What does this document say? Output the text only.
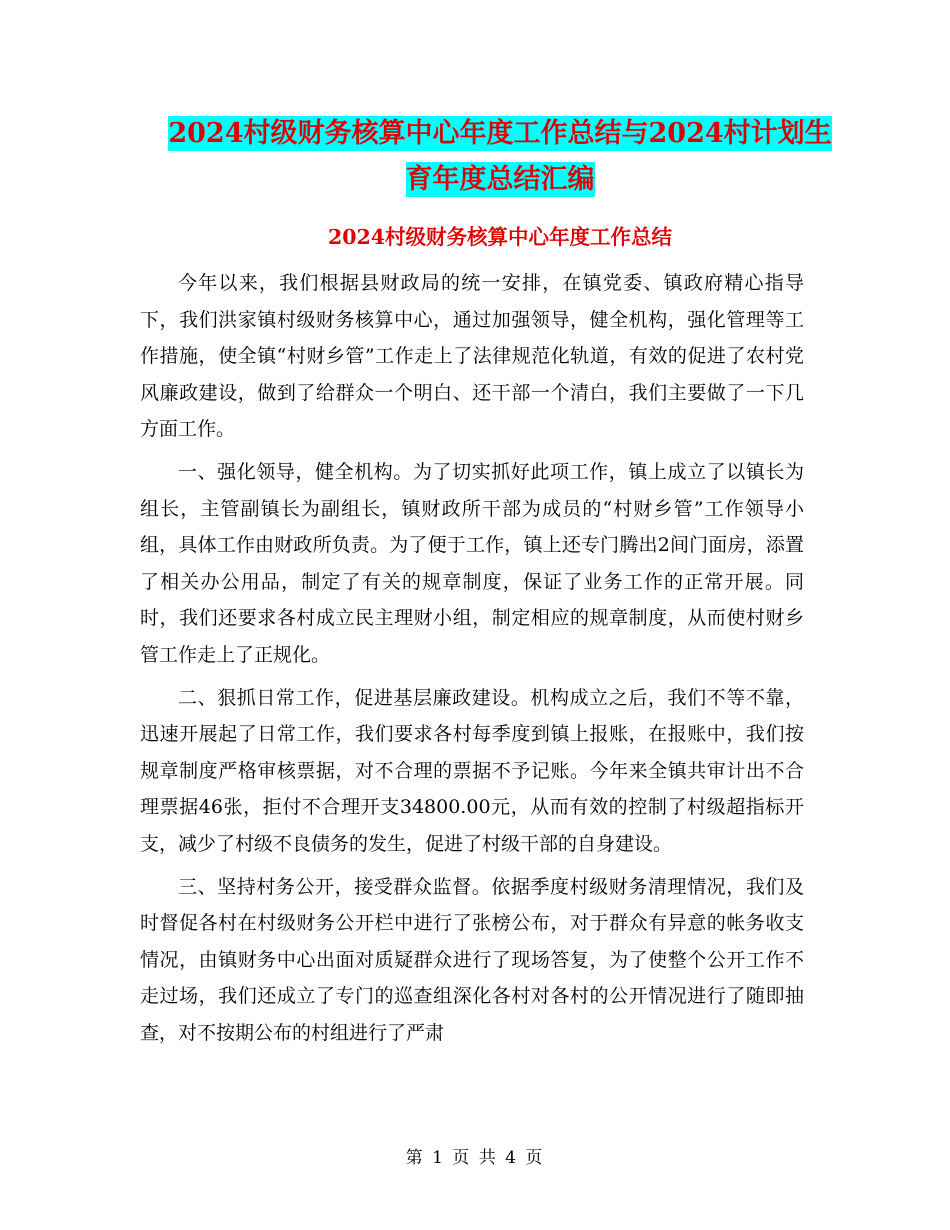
2024村级财务核算中心年度工作总结与2024村计划生
育年度总结汇编
2024村级财务核算中心年度工作总结

今年以来，我们根据县财政局的统一安排，在镇党委、镇政府精心指导下，我们洪家镇村级财务核算中心，通过加强领导，健全机构，强化管理等工作措施，使全镇“村财乡管”工作走上了法律规范化轨道，有效的促进了农村党风廉政建设，做到了给群众一个明白、还干部一个清白，我们主要做了一下几方面工作。

一、强化领导，健全机构。为了切实抓好此项工作，镇上成立了以镇长为组长，主管副镇长为副组长，镇财政所干部为成员的“村财乡管”工作领导小组，具体工作由财政所负责。为了便于工作，镇上还专门腾出2间门面房，添置了相关办公用品，制定了有关的规章制度，保证了业务工作的正常开展。同时，我们还要求各村成立民主理财小组，制定相应的规章制度，从而使村财乡管工作走上了正规化。

二、狠抓日常工作，促进基层廉政建设。机构成立之后，我们不等不靠，迅速开展起了日常工作，我们要求各村每季度到镇上报账，在报账中，我们按规章制度严格审核票据，对不合理的票据不予记账。今年来全镇共审计出不合理票据46张，拒付不合理开支34800.00元，从而有效的控制了村级超指标开支，减少了村级不良债务的发生，促进了村级干部的自身建设。

三、坚持村务公开，接受群众监督。依据季度村级财务清理情况，我们及时督促各村在村级财务公开栏中进行了张榜公布，对于群众有异意的帐务收支情况，由镇财务中心出面对质疑群众进行了现场答复，为了使整个公开工作不走过场，我们还成立了专门的巡查组深化各村对各村的公开情况进行了随即抽查，对不按期公布的村组进行了严肃

第 1 页 共 4 页
